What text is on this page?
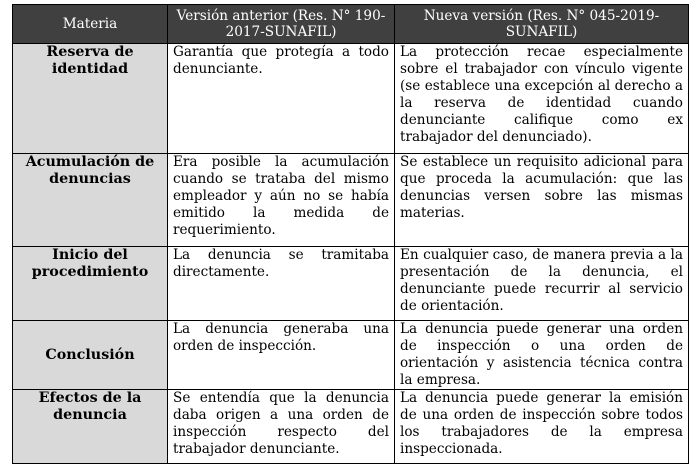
Materia	Versión anterior (Res. N° 190-2017-SUNAFIL)	Nueva versión (Res. N° 045-2019-SUNAFIL)
Reserva de identidad	Garantía que protegía a todo denunciante.	La protección recae especialmente sobre el trabajador con vínculo vigente (se establece una excepción al derecho a la reserva de identidad cuando denunciante califique como ex trabajador del denunciado).
Acumulación de denuncias	Era posible la acumulación cuando se trataba del mismo empleador y aún no se había emitido la medida de requerimiento.	Se establece un requisito adicional para que proceda la acumulación: que las denuncias versen sobre las mismas materias.
Inicio del procedimiento	La denuncia se tramitaba directamente.	En cualquier caso, de manera previa a la presentación de la denuncia, el denunciante puede recurrir al servicio de orientación.
Conclusión	La denuncia generaba una orden de inspección.	La denuncia puede generar una orden de inspección o una orden de orientación y asistencia técnica contra la empresa.
Efectos de la denuncia	Se entendía que la denuncia daba origen a una orden de inspección respecto del trabajador denunciante.	La denuncia puede generar la emisión de una orden de inspección sobre todos los trabajadores de la empresa inspeccionada.
